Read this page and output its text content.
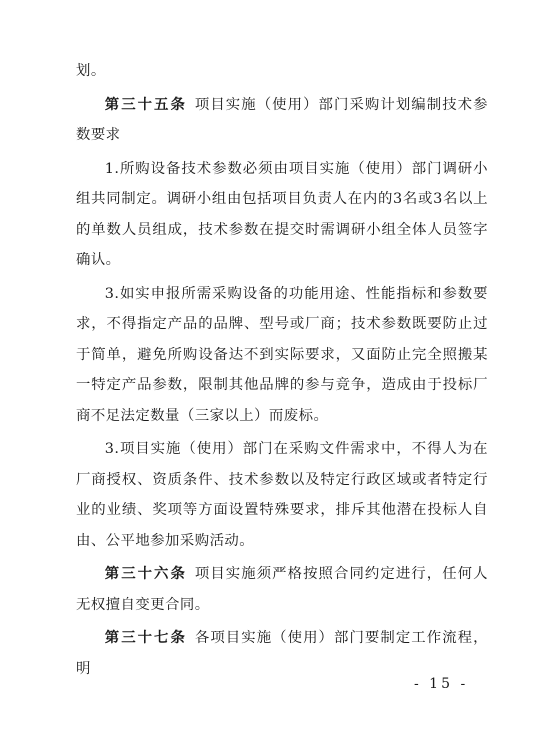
划。

第三十五条 项目实施（使用）部门采购计划编制技术参数要求

1.所购设备技术参数必须由项目实施（使用）部门调研小组共同制定。调研小组由包括项目负责人在内的3名或3名以上的单数人员组成，技术参数在提交时需调研小组全体人员签字确认。

3.如实申报所需采购设备的功能用途、性能指标和参数要求，不得指定产品的品牌、型号或厂商；技术参数既要防止过于简单，避免所购设备达不到实际要求，又面防止完全照搬某一特定产品参数，限制其他品牌的参与竞争，造成由于投标厂商不足法定数量（三家以上）而废标。

3.项目实施（使用）部门在采购文件需求中，不得人为在厂商授权、资质条件、技术参数以及特定行政区域或者特定行业的业绩、奖项等方面设置特殊要求，排斥其他潜在投标人自由、公平地参加采购活动。

第三十六条 项目实施须严格按照合同约定进行，任何人无权擅自变更合同。

第三十七条 各项目实施（使用）部门要制定工作流程，明

- 15 -
